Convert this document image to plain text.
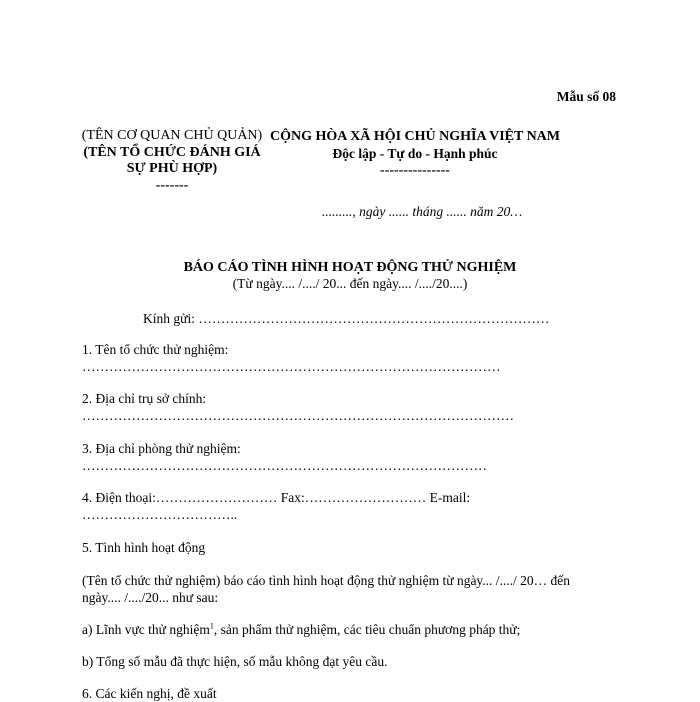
Mẫu số 08
(TÊN CƠ QUAN CHỦ QUẢN)
(TÊN TỔ CHỨC ĐÁNH GIÁ
SỰ PHÙ HỢP)
-------
CỘNG HÒA XÃ HỘI CHỦ NGHĨA VIỆT NAM
Độc lập - Tự do - Hạnh phúc
---------------
........., ngày ...... tháng ...... năm 20…
BÁO CÁO TÌNH HÌNH HOẠT ĐỘNG THỬ NGHIỆM
(Từ ngày.... /..../ 20... đến ngày.... /..../20....)
Kính gửi: ……………………………………………………………………
1. Tên tổ chức thử nghiệm:
…………………………………………………………………………………
2. Địa chỉ trụ sở chính:
……………………………………………………………………………………
3. Địa chỉ phòng thử nghiệm:
………………………………………………………………………………
4. Điện thoại:……………………… Fax:……………………… E-mail:
……………………………..
5. Tình hình hoạt động
(Tên tổ chức thử nghiệm) báo cáo tình hình hoạt động thử nghiệm từ ngày... /..../ 20… đến
ngày.... /..../20... như sau:
a) Lĩnh vực thử nghiệm$^1$, sản phẩm thử nghiệm, các tiêu chuẩn phương pháp thử;
b) Tổng số mẫu đã thực hiện, số mẫu không đạt yêu cầu.
6. Các kiến nghị, đề xuất
